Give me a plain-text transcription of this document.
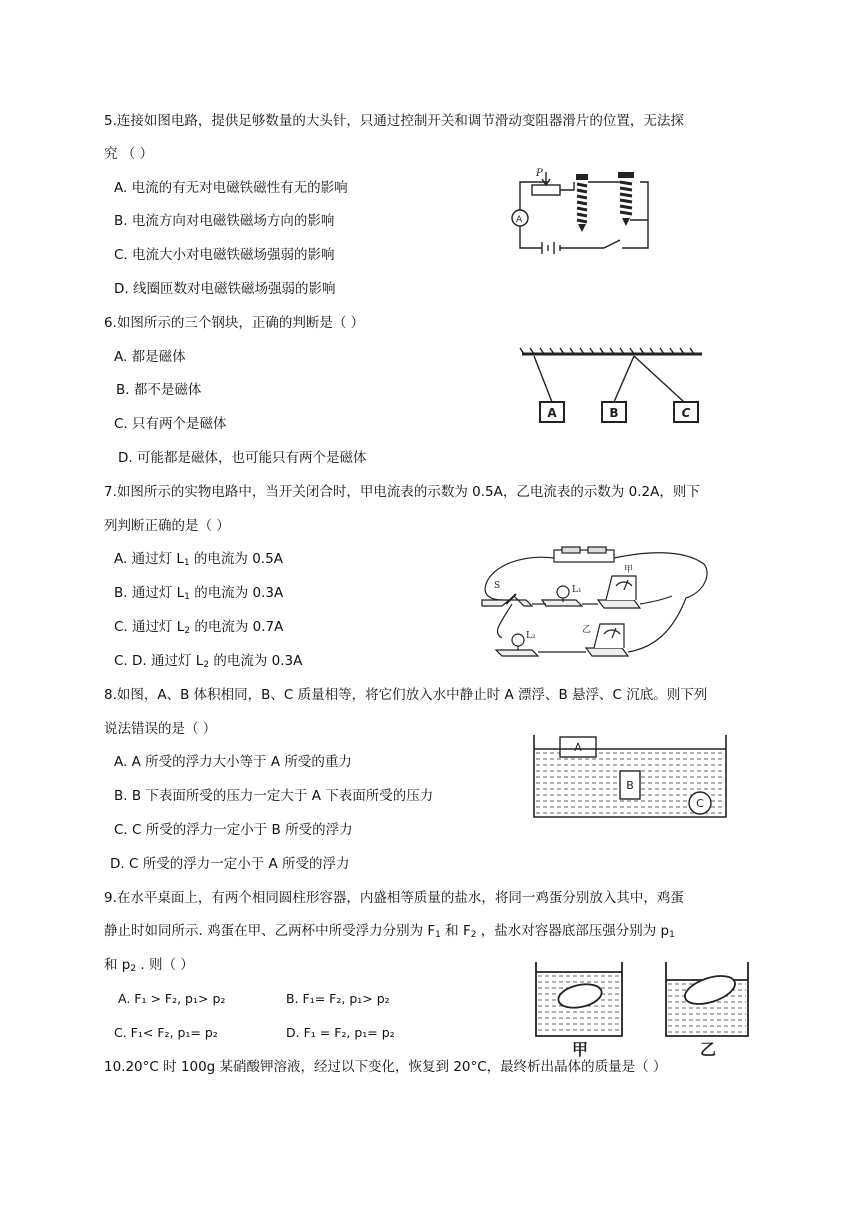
5.连接如图电路，提供足够数量的大头针，只通过控制开关和调节滑动变阻器滑片的位置，无法探
究 （ ）
A. 电流的有无对电磁铁磁性有无的影响
B. 电流方向对电磁铁磁场方向的影响
C. 电流大小对电磁铁磁场强弱的影响
D. 线圈匝数对电磁铁磁场强弱的影响
P
A
6.如图所示的三个钢块，正确的判断是（ ）
A. 都是磁体
B. 都不是磁体
C. 只有两个是磁体
D. 可能都是磁体，也可能只有两个是磁体
A	B	C
7.如图所示的实物电路中，当开关闭合时，甲电流表的示数为 0.5A，乙电流表的示数为 0.2A，则下
列判断正确的是（ ）
A. 通过灯 $L_1$ 的电流为 0.5A
B. 通过灯 $L_1$ 的电流为 0.3A
C. 通过灯 $L_2$ 的电流为 0.7A
C. D. 通过灯 $L_2$ 的电流为 0.3A
S	L₁
L₂
甲
乙
8.如图，A、B 体积相同，B、C 质量相等，将它们放入水中静止时 A 漂浮、B 悬浮、C 沉底。则下列
说法错误的是（ ）
A. A 所受的浮力大小等于 A 所受的重力
B. B 下表面所受的压力一定大于 A 下表面所受的压力
C. C 所受的浮力一定小于 B 所受的浮力
D. C 所受的浮力一定小于 A 所受的浮力
A
B
C
9.在水平桌面上，有两个相同圆柱形容器，内盛相等质量的盐水，将同一鸡蛋分别放入其中，鸡蛋
静止时如同所示. 鸡蛋在甲、乙两杯中所受浮力分别为 $F_1$ 和 $F_2$ ，盐水对容器底部压强分别为 $p_1$
和 $p_2$ . 则（ ）
A. F₁ > F₂, p₁> p₂	B. F₁= F₂, p₁> p₂
C. F₁< F₂, p₁= p₂	D. F₁ = F₂, p₁= p₂
甲	乙
10.20°C 时 100g 某硝酸钾溶液，经过以下变化，恢复到 20°C，最终析出晶体的质量是（ ）
